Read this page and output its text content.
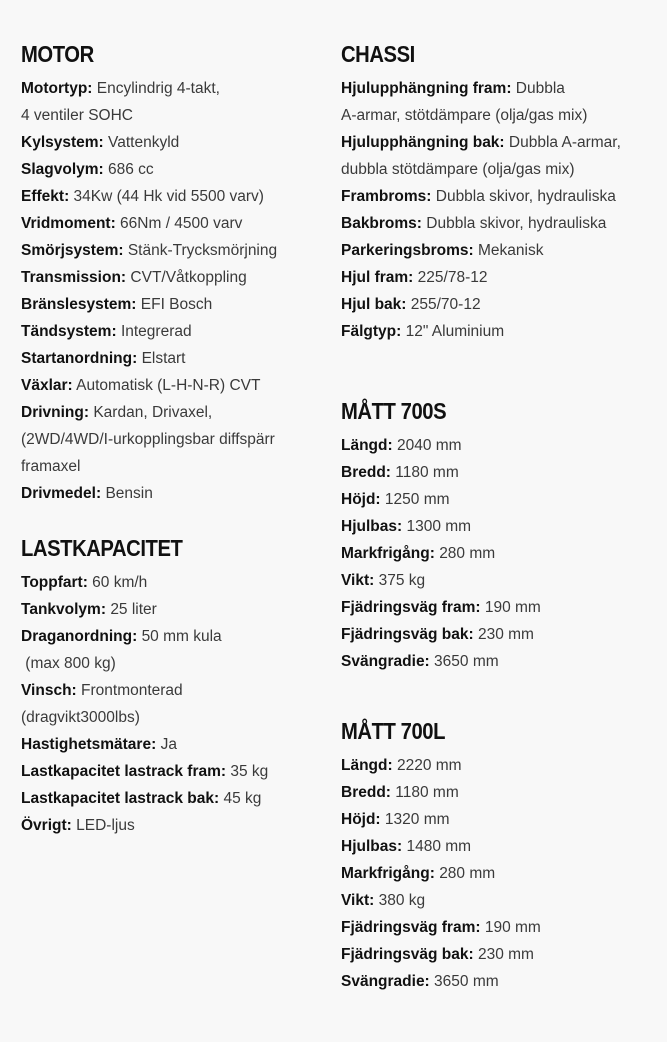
MOTOR
Motortyp: Encylindrig 4-takt,
4 ventiler SOHC
Kylsystem: Vattenkyld
Slagvolym: 686 cc
Effekt: 34Kw (44 Hk vid 5500 varv)
Vridmoment: 66Nm / 4500 varv
Smörjsystem: Stänk-Trycksmörjning
Transmission: CVT/Våtkoppling
Bränslesystem: EFI Bosch
Tändsystem: Integrerad
Startanordning: Elstart
Växlar: Automatisk (L-H-N-R) CVT
Drivning: Kardan, Drivaxel,
(2WD/4WD/I-urkopplingsbar diffspärr
framaxel
Drivmedel: Bensin
LASTKAPACITET
Toppfart: 60 km/h
Tankvolym: 25 liter
Draganordning: 50 mm kula
(max 800 kg)
Vinsch: Frontmonterad
(dragvikt3000lbs)
Hastighetsmätare: Ja
Lastkapacitet lastrack fram: 35 kg
Lastkapacitet lastrack bak: 45 kg
Övrigt: LED-ljus
CHASSI
Hjulupphängning fram: Dubbla
A-armar, stötdämpare (olja/gas mix)
Hjulupphängning bak: Dubbla A-armar,
dubbla stötdämpare (olja/gas mix)
Frambroms: Dubbla skivor, hydrauliska
Bakbroms: Dubbla skivor, hydrauliska
Parkeringsbroms: Mekanisk
Hjul fram: 225/78-12
Hjul bak: 255/70-12
Fälgtyp: 12" Aluminium
MÅTT 700S
Längd: 2040 mm
Bredd: 1180 mm
Höjd: 1250 mm
Hjulbas: 1300 mm
Markfrigång: 280 mm
Vikt: 375 kg
Fjädringsväg fram: 190 mm
Fjädringsväg bak: 230 mm
Svängradie: 3650 mm
MÅTT 700L
Längd: 2220 mm
Bredd: 1180 mm
Höjd: 1320 mm
Hjulbas: 1480 mm
Markfrigång: 280 mm
Vikt: 380 kg
Fjädringsväg fram: 190 mm
Fjädringsväg bak: 230 mm
Svängradie: 3650 mm
